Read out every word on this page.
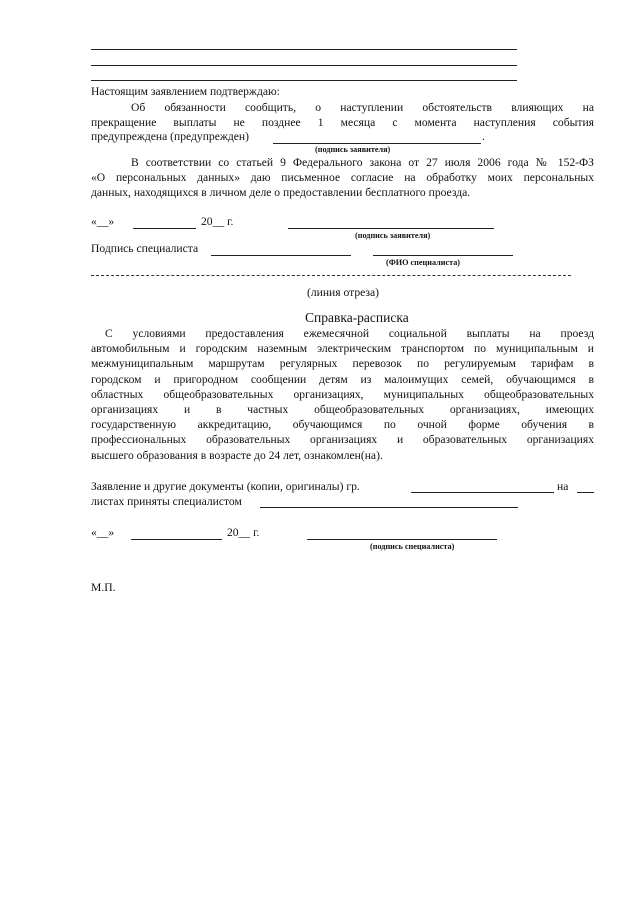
Настоящим заявлением подтверждаю:
Об обязанности сообщить, о наступлении обстоятельств влияющих на
прекращение выплаты не позднее 1 месяца с момента наступления события
предупреждена (предупрежден)	.
(подпись заявителя)
В соответствии со статьей 9 Федерального закона от 27 июля 2006 года № 152-ФЗ
«О персональных данных» даю письменное согласие на обработку моих персональных
данных, находящихся в личном деле о предоставлении бесплатного проезда.
«__»	20__ г.
(подпись заявителя)
Подпись специалиста
(ФИО специалиста)
(линия отреза)
Справка-расписка
С условиями предоставления ежемесячной социальной выплаты на проезд
автомобильным и городским наземным электрическим транспортом по муниципальным и
межмуниципальным маршрутам регулярных перевозок по регулируемым тарифам в
городском и пригородном сообщении детям из малоимущих семей, обучающимся в
областных общеобразовательных организациях, муниципальных общеобразовательных
организациях и в частных общеобразовательных организациях, имеющих
государственную аккредитацию, обучающимся по очной форме обучения в
профессиональных образовательных организациях и образовательных организациях
высшего образования в возрасте до 24 лет, ознакомлен(на).
Заявление и другие документы (копии, оригиналы) гр.	на
листах приняты специалистом
«__»	20__ г.
(подпись специалиста)
М.П.
